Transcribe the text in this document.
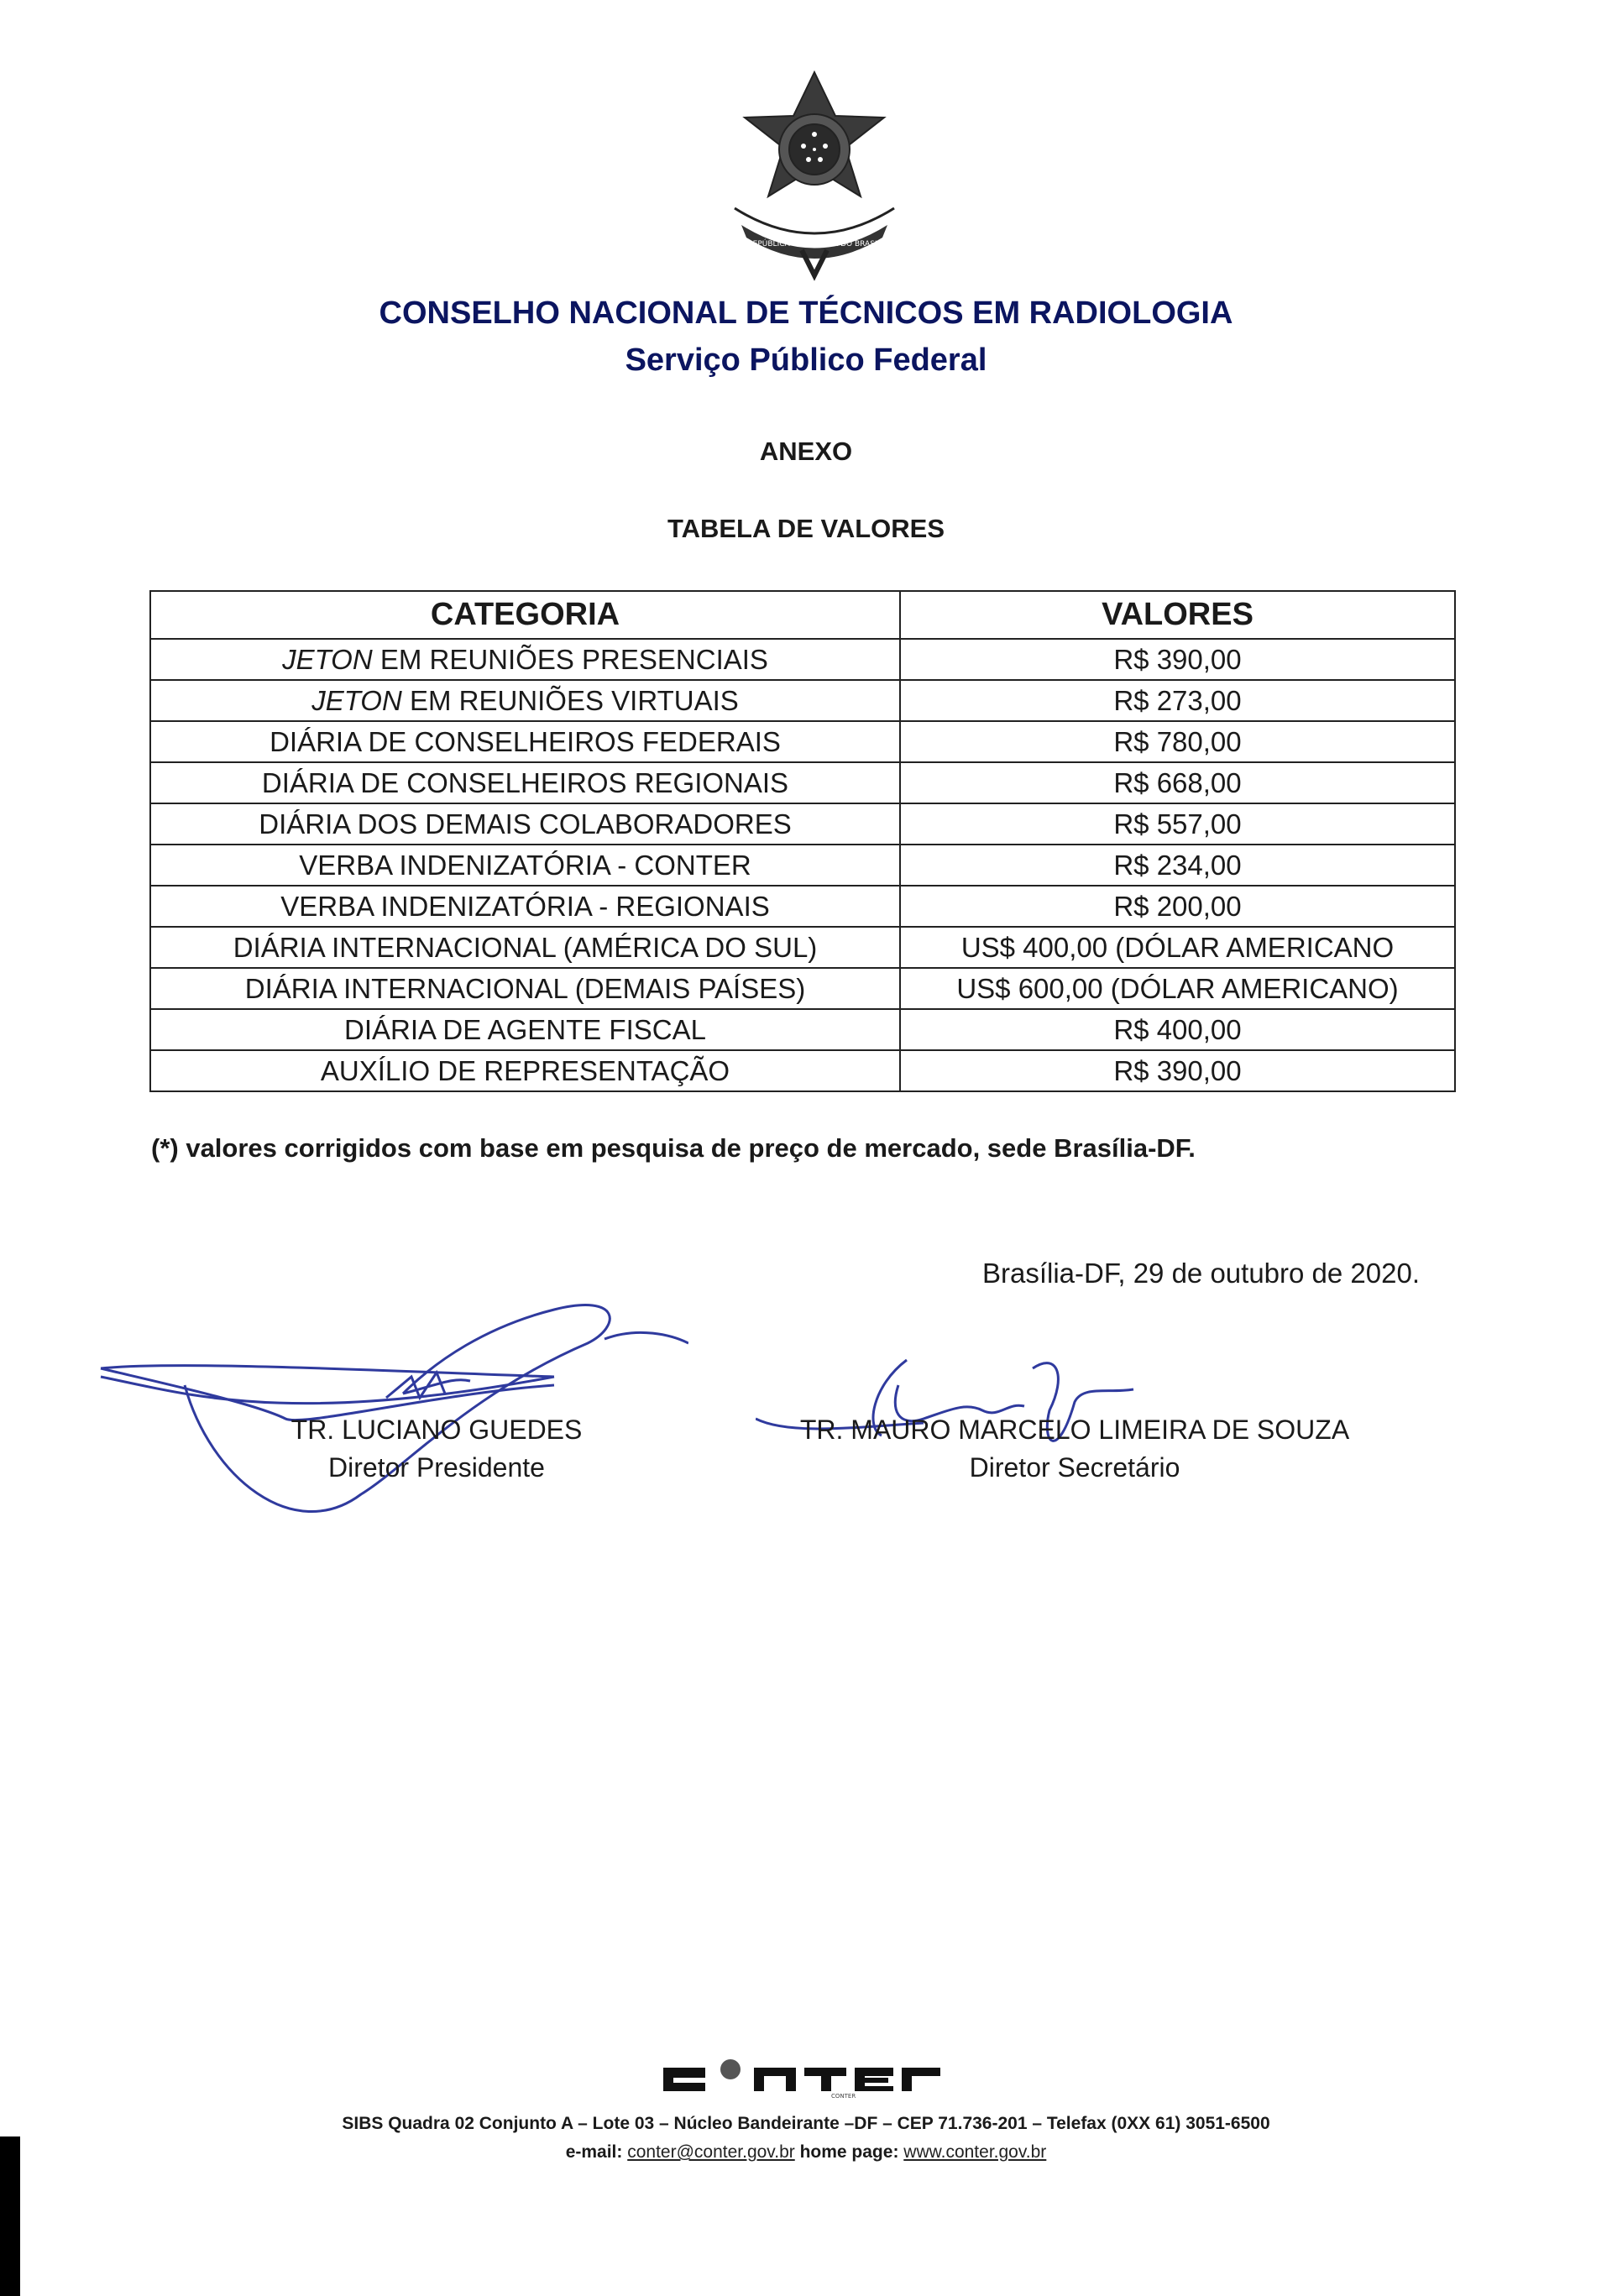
REPÚBLICA FEDERATIVA DO BRASIL
CONSELHO NACIONAL DE TÉCNICOS EM RADIOLOGIA
Serviço Público Federal
ANEXO
TABELA DE VALORES
CATEGORIA	VALORES
JETON EM REUNIÕES PRESENCIAIS	R$ 390,00
JETON EM REUNIÕES VIRTUAIS	R$ 273,00
DIÁRIA DE CONSELHEIROS FEDERAIS	R$ 780,00
DIÁRIA DE CONSELHEIROS REGIONAIS	R$ 668,00
DIÁRIA DOS DEMAIS COLABORADORES	R$ 557,00
VERBA INDENIZATÓRIA - CONTER	R$ 234,00
VERBA INDENIZATÓRIA - REGIONAIS	R$ 200,00
DIÁRIA INTERNACIONAL (AMÉRICA DO SUL)	US$ 400,00 (DÓLAR AMERICANO
DIÁRIA INTERNACIONAL (DEMAIS PAÍSES)	US$ 600,00 (DÓLAR AMERICANO)
DIÁRIA DE AGENTE FISCAL	R$ 400,00
AUXÍLIO DE REPRESENTAÇÃO	R$ 390,00
(*) valores corrigidos com base em pesquisa de preço de mercado, sede Brasília-DF.
Brasília-DF, 29 de outubro de 2020.
TR. LUCIANO GUEDES
Diretor Presidente
TR. MAURO MARCELO LIMEIRA DE SOUZA
Diretor Secretário
CONTER
SIBS Quadra 02 Conjunto A – Lote 03 – Núcleo Bandeirante –DF – CEP 71.736-201 – Telefax (0XX 61) 3051-6500
e-mail: conter@conter.gov.br home page: www.conter.gov.br
